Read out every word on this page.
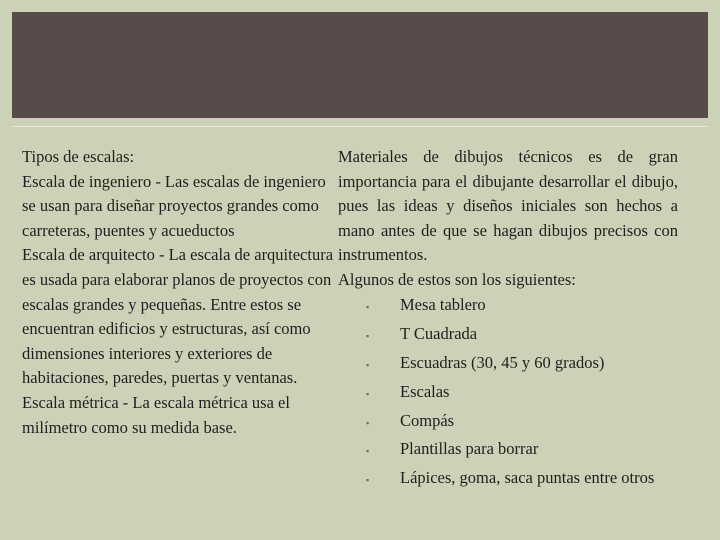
Tipos de escalas:

Escala de ingeniero - Las escalas de ingeniero se usan para diseñar proyectos grandes como carreteras, puentes y acueductos

Escala de arquitecto - La escala de arquitectura es usada para elaborar planos de proyectos con escalas grandes y pequeñas. Entre estos se encuentran edificios y estructuras, así como dimensiones interiores y exteriores de habitaciones, paredes, puertas y ventanas.

Escala métrica - La escala métrica usa el milímetro como su medida base.

Materiales de dibujos técnicos es de gran importancia para el dibujante desarrollar el dibujo, pues las ideas y diseños iniciales son hechos a mano antes de que se hagan dibujos precisos con instrumentos.

Algunos de estos son los siguientes:

▪ Mesa tablero
▪ T Cuadrada
▪ Escuadras (30, 45 y 60 grados)
▪ Escalas
▪ Compás
▪ Plantillas para borrar
▪ Lápices, goma, saca puntas entre otros
